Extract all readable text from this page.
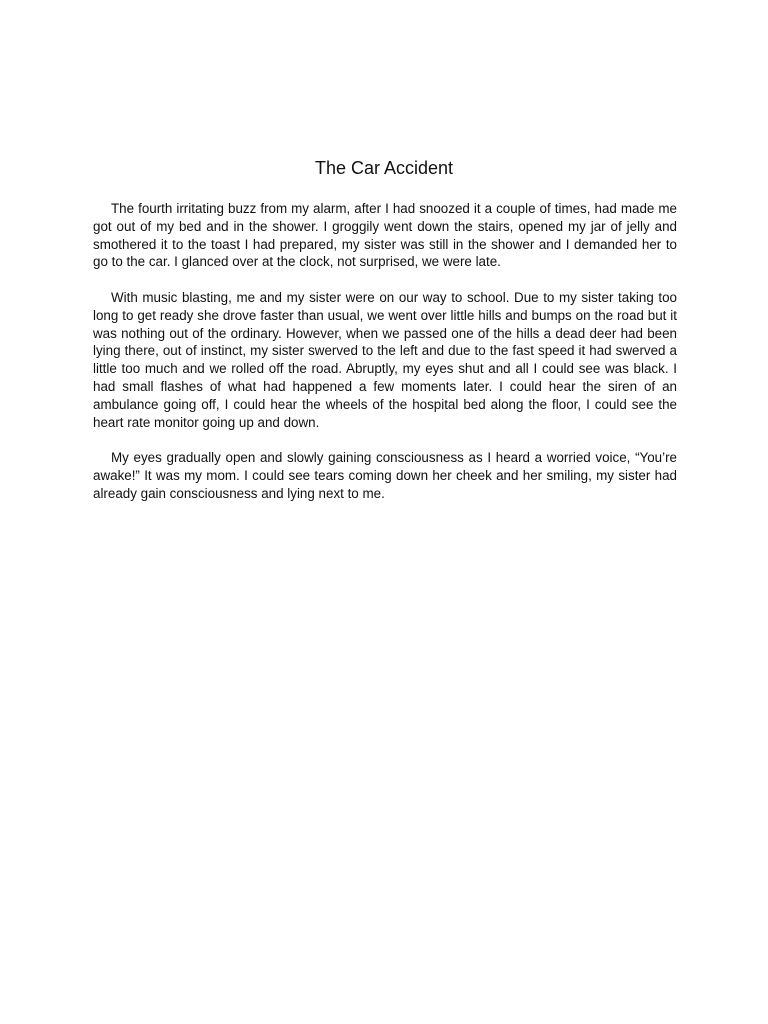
The Car Accident

The fourth irritating buzz from my alarm, after I had snoozed it a couple of times, had made me got out of my bed and in the shower. I groggily went down the stairs, opened my jar of jelly and smothered it to the toast I had prepared, my sister was still in the shower and I demanded her to go to the car. I glanced over at the clock, not surprised, we were late.

With music blasting, me and my sister were on our way to school. Due to my sister taking too long to get ready she drove faster than usual, we went over little hills and bumps on the road but it was nothing out of the ordinary. However, when we passed one of the hills a dead deer had been lying there, out of instinct, my sister swerved to the left and due to the fast speed it had swerved a little too much and we rolled off the road. Abruptly, my eyes shut and all I could see was black. I had small flashes of what had happened a few moments later. I could hear the siren of an ambulance going off, I could hear the wheels of the hospital bed along the floor, I could see the heart rate monitor going up and down.

My eyes gradually open and slowly gaining consciousness as I heard a worried voice, “You’re awake!” It was my mom. I could see tears coming down her cheek and her smiling, my sister had already gain consciousness and lying next to me.
